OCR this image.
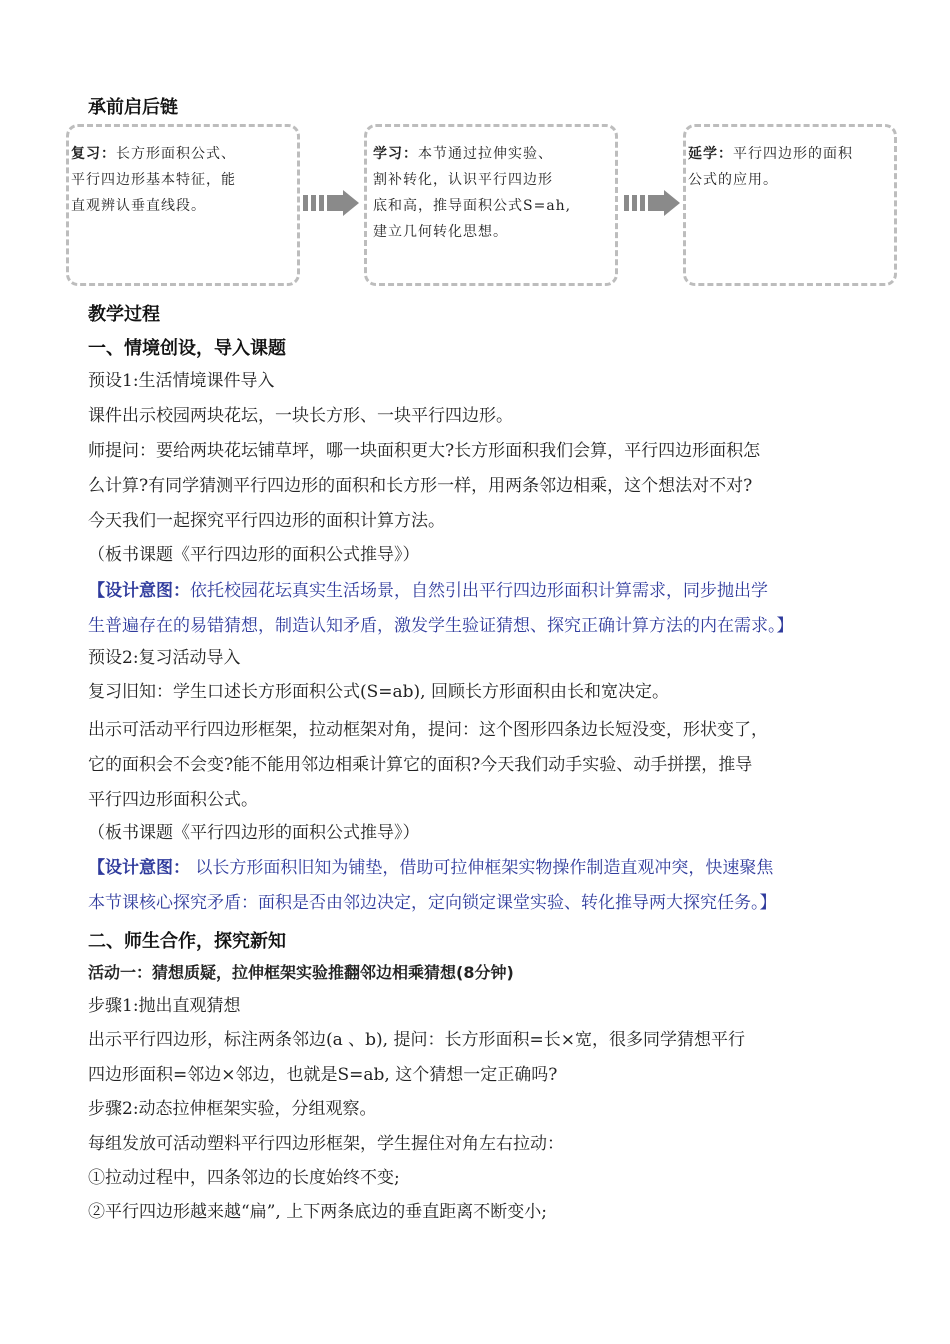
承前启后链
复习：长方形面积公式、
平行四边形基本特征，能
直观辨认垂直线段。
学习：本节通过拉伸实验、
割补转化，认识平行四边形
底和高，推导面积公式S=ah,
建立几何转化思想。
延学：平行四边形的面积
公式的应用。
教学过程
一、情境创设，导入课题
预设1:生活情境课件导入
课件出示校园两块花坛，一块长方形、一块平行四边形。
师提问：要给两块花坛铺草坪，哪一块面积更大?长方形面积我们会算，平行四边形面积怎
么计算?有同学猜测平行四边形的面积和长方形一样，用两条邻边相乘，这个想法对不对?
今天我们一起探究平行四边形的面积计算方法。
（板书课题《平行四边形的面积公式推导》）
【设计意图：依托校园花坛真实生活场景，自然引出平行四边形面积计算需求，同步抛出学
生普遍存在的易错猜想，制造认知矛盾，激发学生验证猜想、探究正确计算方法的内在需求。】
预设2:复习活动导入
复习旧知：学生口述长方形面积公式(S=ab), 回顾长方形面积由长和宽决定。
出示可活动平行四边形框架，拉动框架对角，提问：这个图形四条边长短没变，形状变了，
它的面积会不会变?能不能用邻边相乘计算它的面积?今天我们动手实验、动手拼摆，推导
平行四边形面积公式。
（板书课题《平行四边形的面积公式推导》）
【设计意图： 以长方形面积旧知为铺垫，借助可拉伸框架实物操作制造直观冲突，快速聚焦
本节课核心探究矛盾：面积是否由邻边决定，定向锁定课堂实验、转化推导两大探究任务。】
二、师生合作，探究新知
活动一：猜想质疑，拉伸框架实验推翻邻边相乘猜想(8分钟)
步骤1:抛出直观猜想
出示平行四边形，标注两条邻边(a 、b), 提问：长方形面积=长×宽，很多同学猜想平行
四边形面积=邻边×邻边，也就是S=ab, 这个猜想一定正确吗?
步骤2:动态拉伸框架实验，分组观察。
每组发放可活动塑料平行四边形框架，学生握住对角左右拉动：
①拉动过程中，四条邻边的长度始终不变;
②平行四边形越来越“扁”, 上下两条底边的垂直距离不断变小;
